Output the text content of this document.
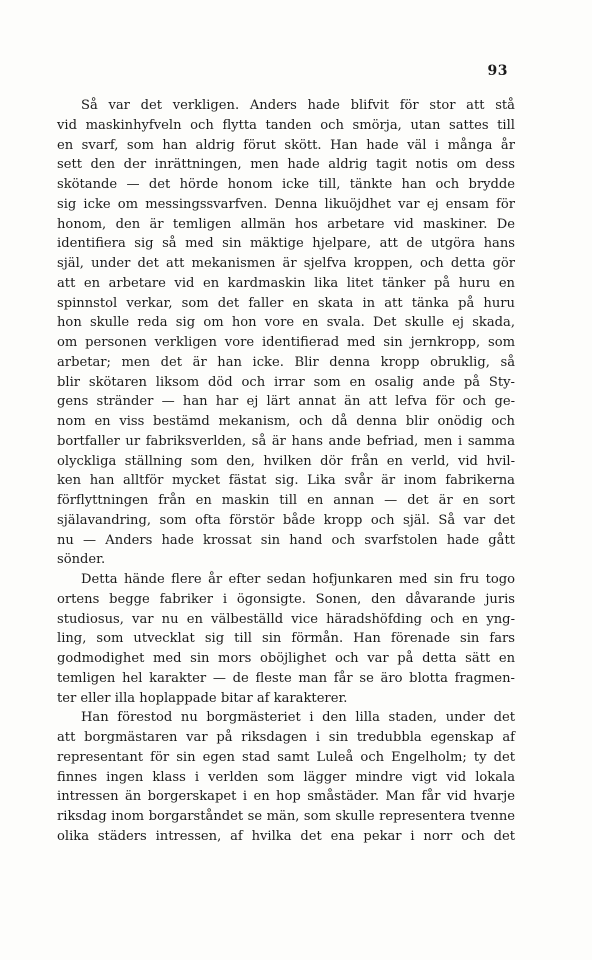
93

Så var det verkligen. Anders hade blifvit för stor att stå
vid maskinhyfveln och flytta tanden och smörja, utan sattes till
en svarf, som han aldrig förut skött. Han hade väl i många år
sett den der inrättningen, men hade aldrig tagit notis om dess
skötande — det hörde honom icke till, tänkte han och brydde
sig icke om messingssvarfven. Denna likuöjdhet var ej ensam för
honom, den är temligen allmän hos arbetare vid maskiner. De
identifiera sig så med sin mäktige hjelpare, att de utgöra hans
själ, under det att mekanismen är sjelfva kroppen, och detta gör
att en arbetare vid en kardmaskin lika litet tänker på huru en
spinnstol verkar, som det faller en skata in att tänka på huru
hon skulle reda sig om hon vore en svala. Det skulle ej skada,
om personen verkligen vore identifierad med sin jernkropp, som
arbetar; men det är han icke. Blir denna kropp obruklig, så
blir skötaren liksom död och irrar som en osalig ande på Sty-
gens stränder — han har ej lärt annat än att lefva för och ge-
nom en viss bestämd mekanism, och då denna blir onödig och
bortfaller ur fabriksverlden, så är hans ande befriad, men i samma
olyckliga ställning som den, hvilken dör från en verld, vid hvil-
ken han alltför mycket fästat sig. Lika svår är inom fabrikerna
förflyttningen från en maskin till en annan — det är en sort
själavandring, som ofta förstör både kropp och själ. Så var det
nu — Anders hade krossat sin hand och svarfstolen hade gått
sönder.

Detta hände flere år efter sedan hofjunkaren med sin fru togo
ortens begge fabriker i ögonsigte. Sonen, den dåvarande juris
studiosus, var nu en välbeställd vice häradshöfding och en yng-
ling, som utvecklat sig till sin förmån. Han förenade sin fars
godmodighet med sin mors oböjlighet och var på detta sätt en
temligen hel karakter — de fleste man får se äro blotta fragmen-
ter eller illa hoplappade bitar af karakterer.

Han förestod nu borgmästeriet i den lilla staden, under det
att borgmästaren var på riksdagen i sin tredubbla egenskap af
representant för sin egen stad samt Luleå och Engelholm; ty det
finnes ingen klass i verlden som lägger mindre vigt vid lokala
intressen än borgerskapet i en hop småstäder. Man får vid hvarje
riksdag inom borgarståndet se män, som skulle representera tvenne
olika städers intressen, af hvilka det ena pekar i norr och det
